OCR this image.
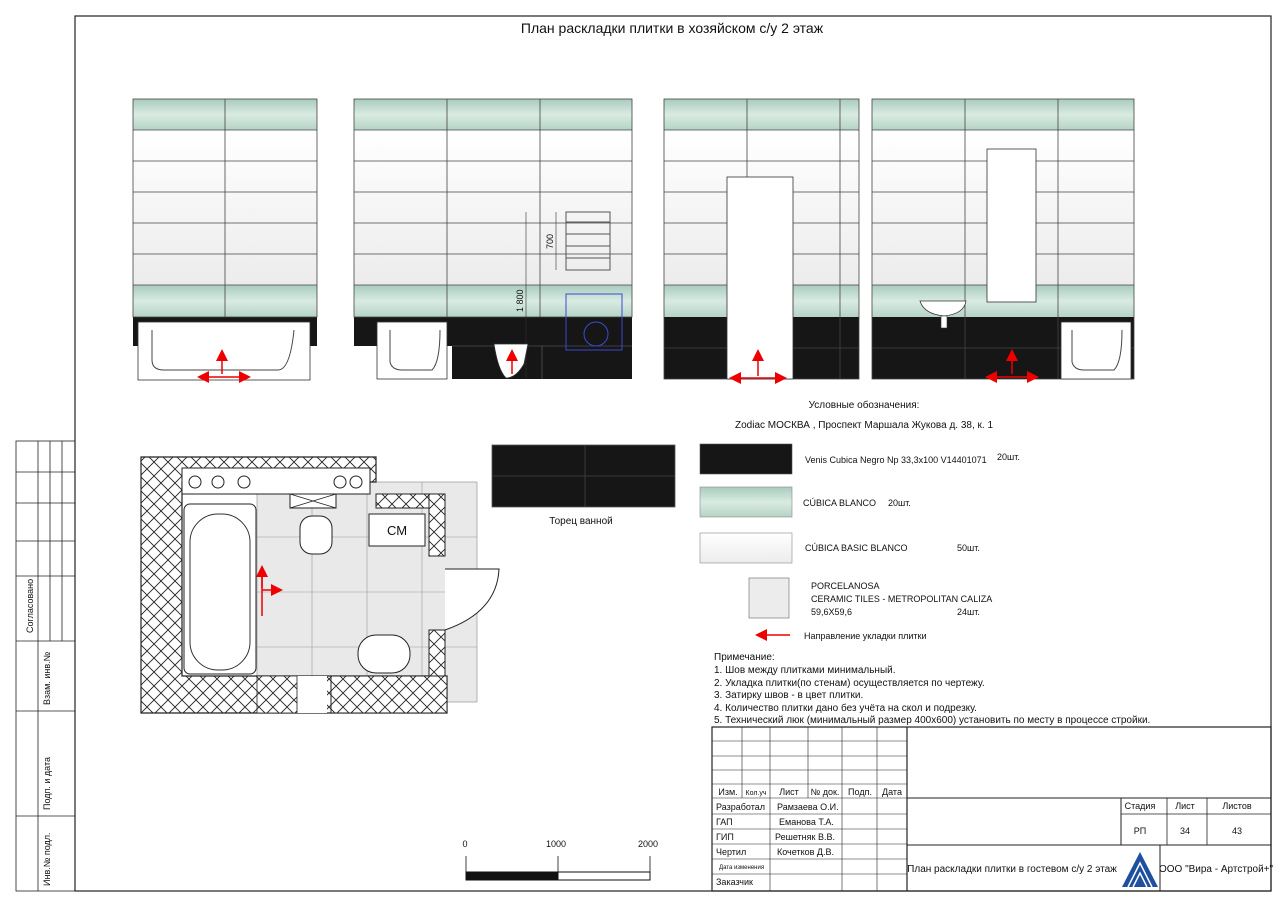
План раскладки плитки в хозяйском с/у 2 этаж
700
1 800
СМ
Торец ванной
Условные обозначения:
Zodiac МОСКВА , Проспект Маршала Жукова д. 38, к. 1
Venis Cubica Negro Np 33,3x100 V14401071 20шт.
CÚBICA BLANCO 20шт.
CÚBICA BASIC BLANCO	50шт.
PORCELANOSA
CERAMIC TILES - METROPOLITAN CALIZA
59,6X59,6	24шт.
Направление укладки плитки
Примечание:
1. Шов между плитками минимальный.
2. Укладка плитки(по стенам) осуществляется по чертежу.
3. Затирку швов - в цвет плитки.
4. Количество плитки дано без учёта на скол и подрезку.
5. Технический люк (минимальный размер 400х600) установить по месту в процессе стройки.
0	1000	2000
Согласовано
Взам. инв.№
Подп. и дата
Инв.№ подл.
Изм. Кол.уч Лист № док. Подп. Дата
Разработал Рамзаева О.И.
ГАП	Еманова Т.А.
ГИП	Решетняк В.В.
Чертил	Кочетков Д.В.
Дата изменения
Заказчик
Стадия Лист	Листов
РП	34	43
План раскладки плитки в гостевом с/у 2 этаж	ООО "Вира - Артстрой+"
